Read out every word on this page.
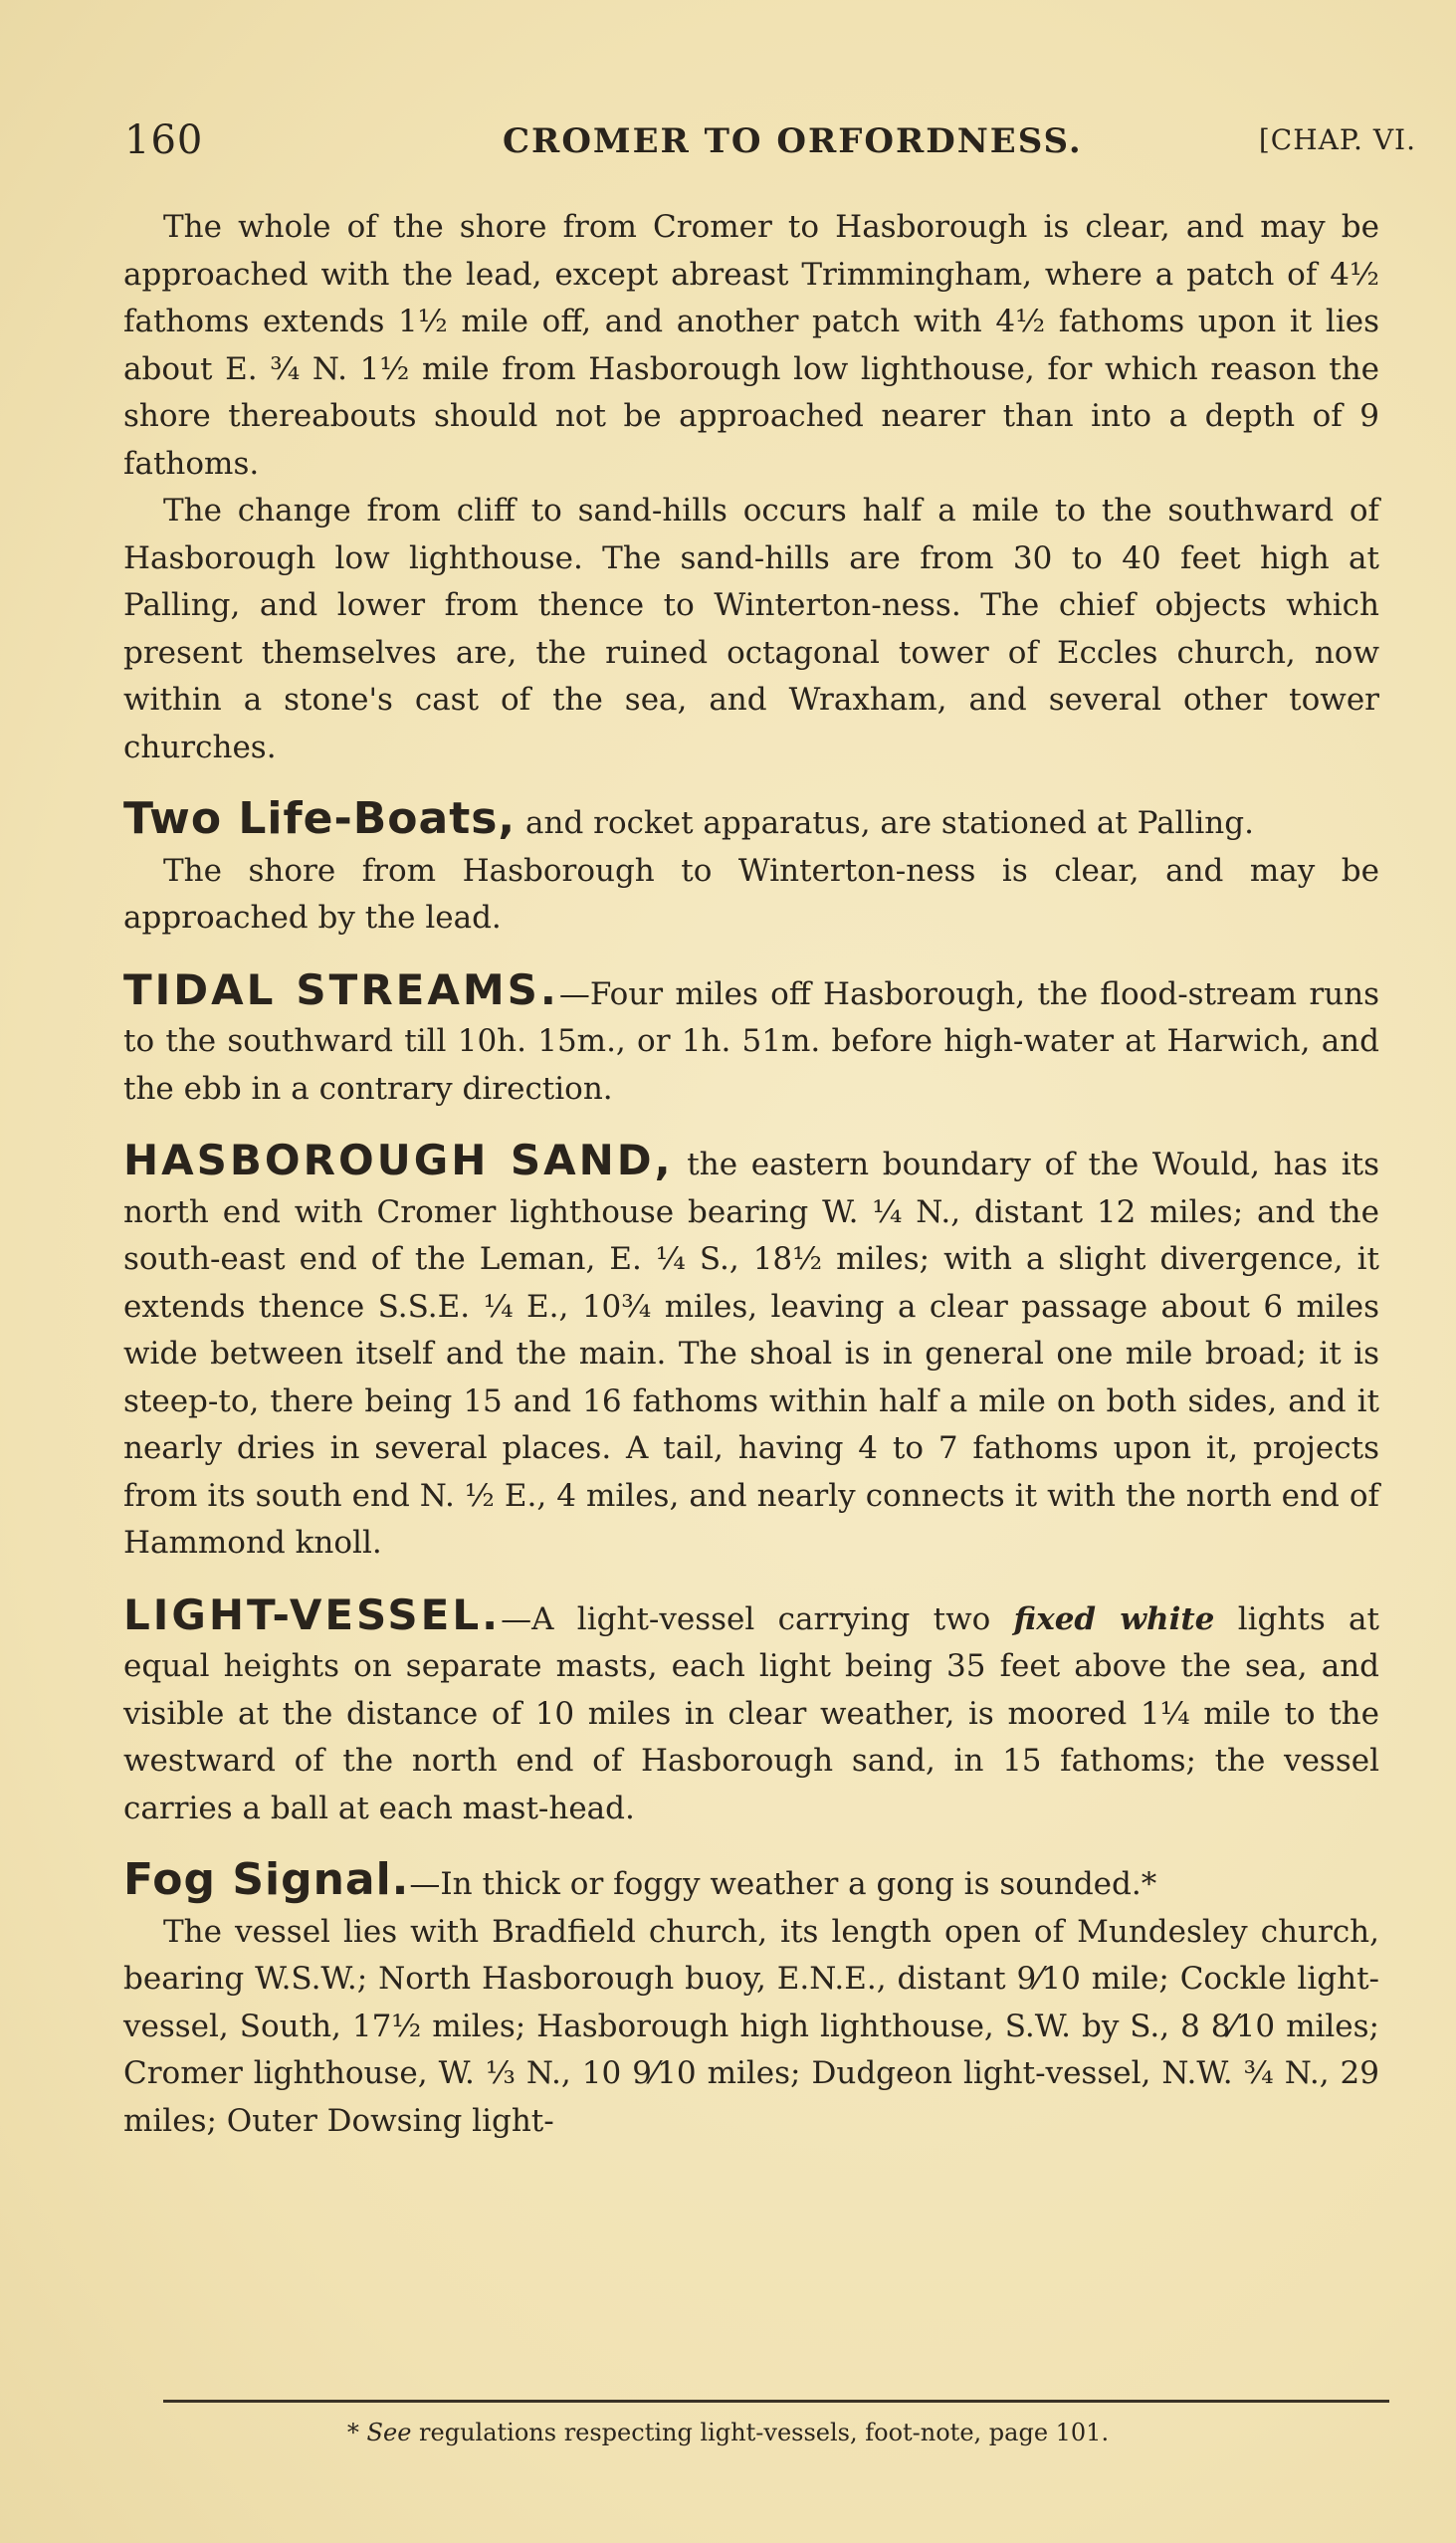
160	CROMER TO ORFORDNESS.	[CHAP. VI.

The whole of the shore from Cromer to Hasborough is clear, and may be approached with the lead, except abreast Trimmingham, where a patch of 4½ fathoms extends 1½ mile off, and another patch with 4½ fathoms upon it lies about E. ¾ N. 1½ mile from Hasborough low lighthouse, for which reason the shore thereabouts should not be approached nearer than into a depth of 9 fathoms.

The change from cliff to sand-hills occurs half a mile to the southward of Hasborough low lighthouse. The sand-hills are from 30 to 40 feet high at Palling, and lower from thence to Winterton-ness. The chief objects which present themselves are, the ruined octagonal tower of Eccles church, now within a stone's cast of the sea, and Wraxham, and several other tower churches.

Two Life-Boats, and rocket apparatus, are stationed at Palling.

The shore from Hasborough to Winterton-ness is clear, and may be approached by the lead.

TIDAL STREAMS.—Four miles off Hasborough, the flood-stream runs to the southward till 10h. 15m., or 1h. 51m. before high-water at Harwich, and the ebb in a contrary direction.

HASBOROUGH SAND, the eastern boundary of the Would, has its north end with Cromer lighthouse bearing W. ¼ N., distant 12 miles; and the south-east end of the Leman, E. ¼ S., 18½ miles; with a slight divergence, it extends thence S.S.E. ¼ E., 10¾ miles, leaving a clear passage about 6 miles wide between itself and the main. The shoal is in general one mile broad; it is steep-to, there being 15 and 16 fathoms within half a mile on both sides, and it nearly dries in several places. A tail, having 4 to 7 fathoms upon it, projects from its south end N. ½ E., 4 miles, and nearly connects it with the north end of Hammond knoll.

LIGHT-VESSEL.—A light-vessel carrying two fixed white lights at equal heights on separate masts, each light being 35 feet above the sea, and visible at the distance of 10 miles in clear weather, is moored 1¼ mile to the westward of the north end of Hasborough sand, in 15 fathoms; the vessel carries a ball at each mast-head.

Fog Signal.—In thick or foggy weather a gong is sounded.*

The vessel lies with Bradfield church, its length open of Mundesley church, bearing W.S.W.; North Hasborough buoy, E.N.E., distant 9⁄10 mile; Cockle light-vessel, South, 17½ miles; Hasborough high lighthouse, S.W. by S., 8 8⁄10 miles; Cromer lighthouse, W. ⅓ N., 10 9⁄10 miles; Dudgeon light-vessel, N.W. ¾ N., 29 miles; Outer Dowsing light-

* See regulations respecting light-vessels, foot-note, page 101.
